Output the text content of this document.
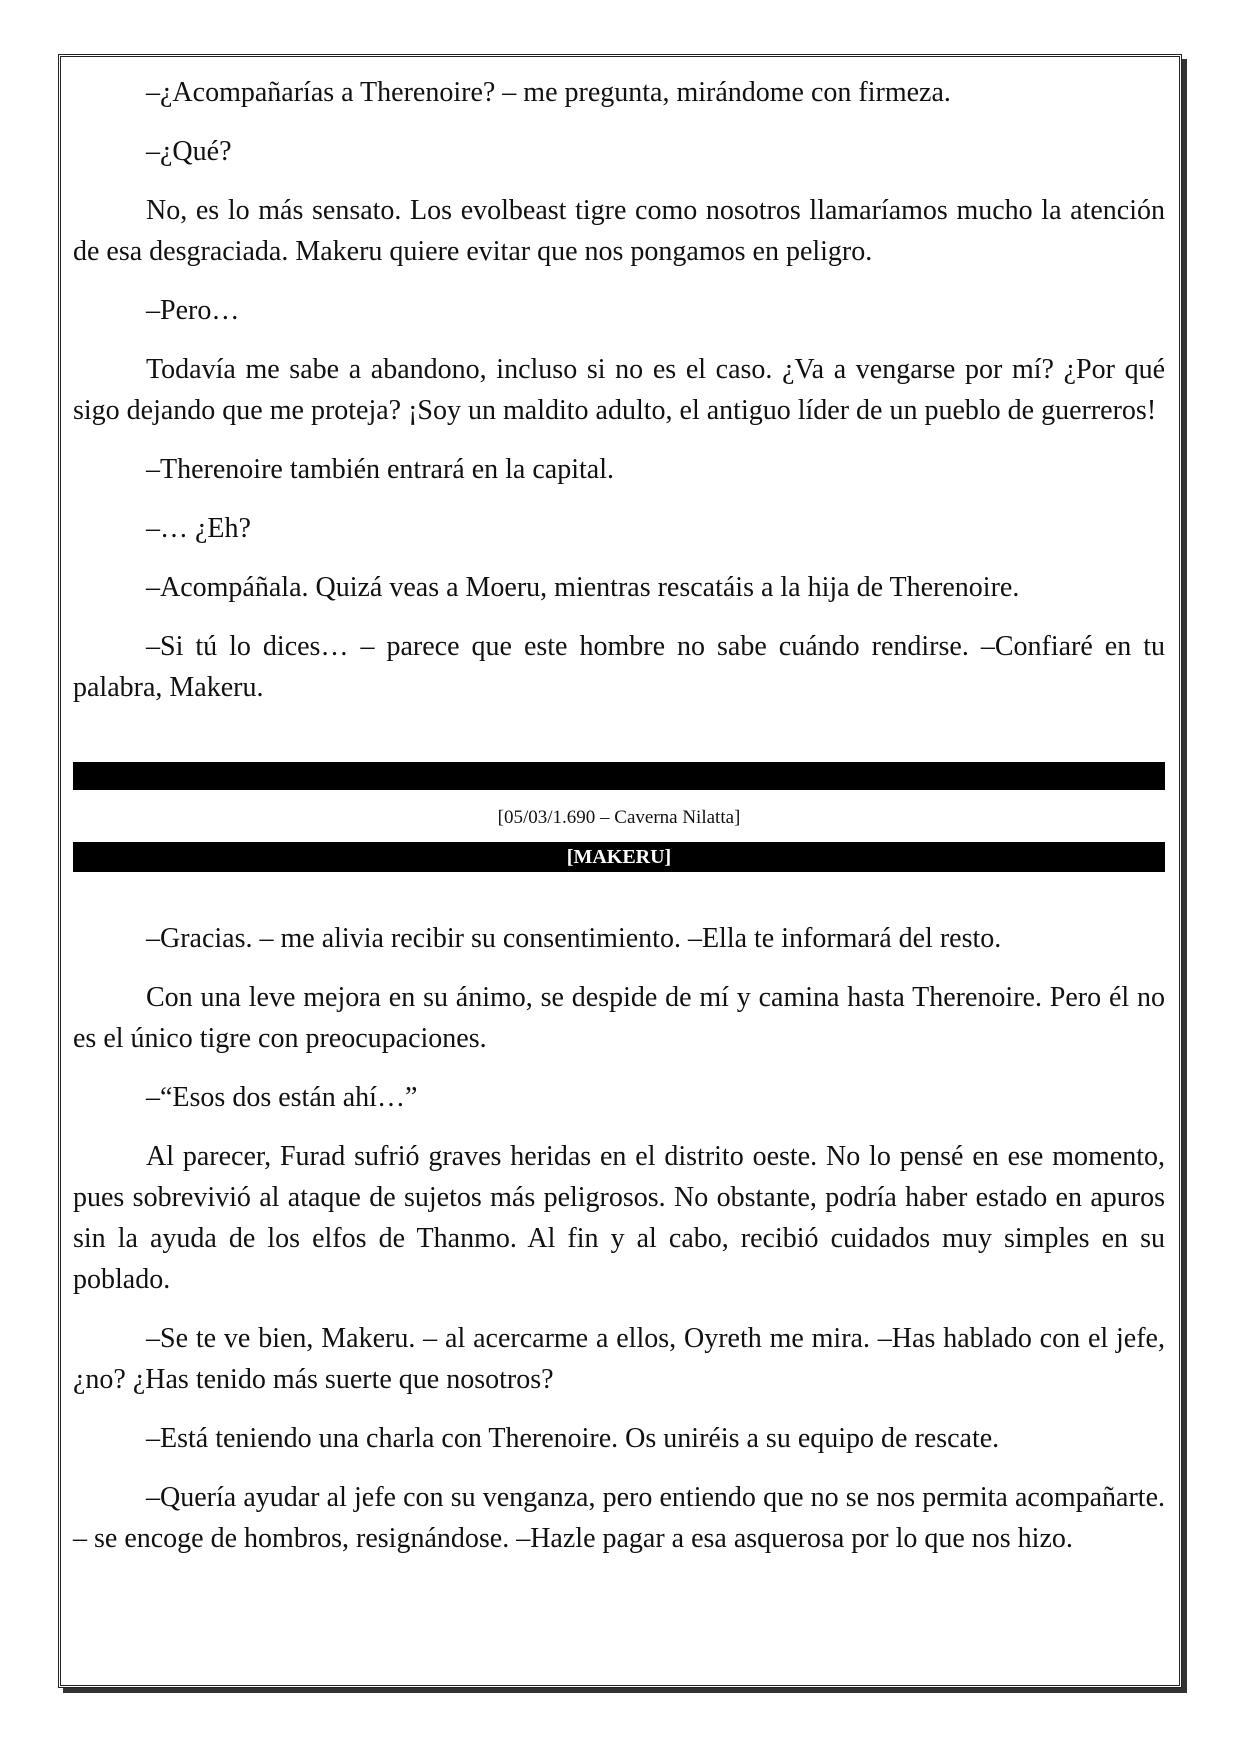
–¿Acompañarías a Therenoire? – me pregunta, mirándome con firmeza.

–¿Qué?

No, es lo más sensato. Los evolbeast tigre como nosotros llamaríamos mucho la atención de esa desgraciada. Makeru quiere evitar que nos pongamos en peligro.

–Pero…

Todavía me sabe a abandono, incluso si no es el caso. ¿Va a vengarse por mí? ¿Por qué sigo dejando que me proteja? ¡Soy un maldito adulto, el antiguo líder de un pueblo de guerreros!

–Therenoire también entrará en la capital.

–… ¿Eh?

–Acompáñala. Quizá veas a Moeru, mientras rescatáis a la hija de Therenoire.

–Si tú lo dices… – parece que este hombre no sabe cuándo rendirse. –Confiaré en tu palabra, Makeru.

[05/03/1.690 – Caverna Nilatta]
[MAKERU]

–Gracias. – me alivia recibir su consentimiento. –Ella te informará del resto.

Con una leve mejora en su ánimo, se despide de mí y camina hasta Therenoire. Pero él no es el único tigre con preocupaciones.

–“Esos dos están ahí…”

Al parecer, Furad sufrió graves heridas en el distrito oeste. No lo pensé en ese momento, pues sobrevivió al ataque de sujetos más peligrosos. No obstante, podría haber estado en apuros sin la ayuda de los elfos de Thanmo. Al fin y al cabo, recibió cuidados muy simples en su poblado.

–Se te ve bien, Makeru. – al acercarme a ellos, Oyreth me mira. –Has hablado con el jefe, ¿no? ¿Has tenido más suerte que nosotros?

–Está teniendo una charla con Therenoire. Os uniréis a su equipo de rescate.

–Quería ayudar al jefe con su venganza, pero entiendo que no se nos permita acompañarte. – se encoge de hombros, resignándose. –Hazle pagar a esa asquerosa por lo que nos hizo.
